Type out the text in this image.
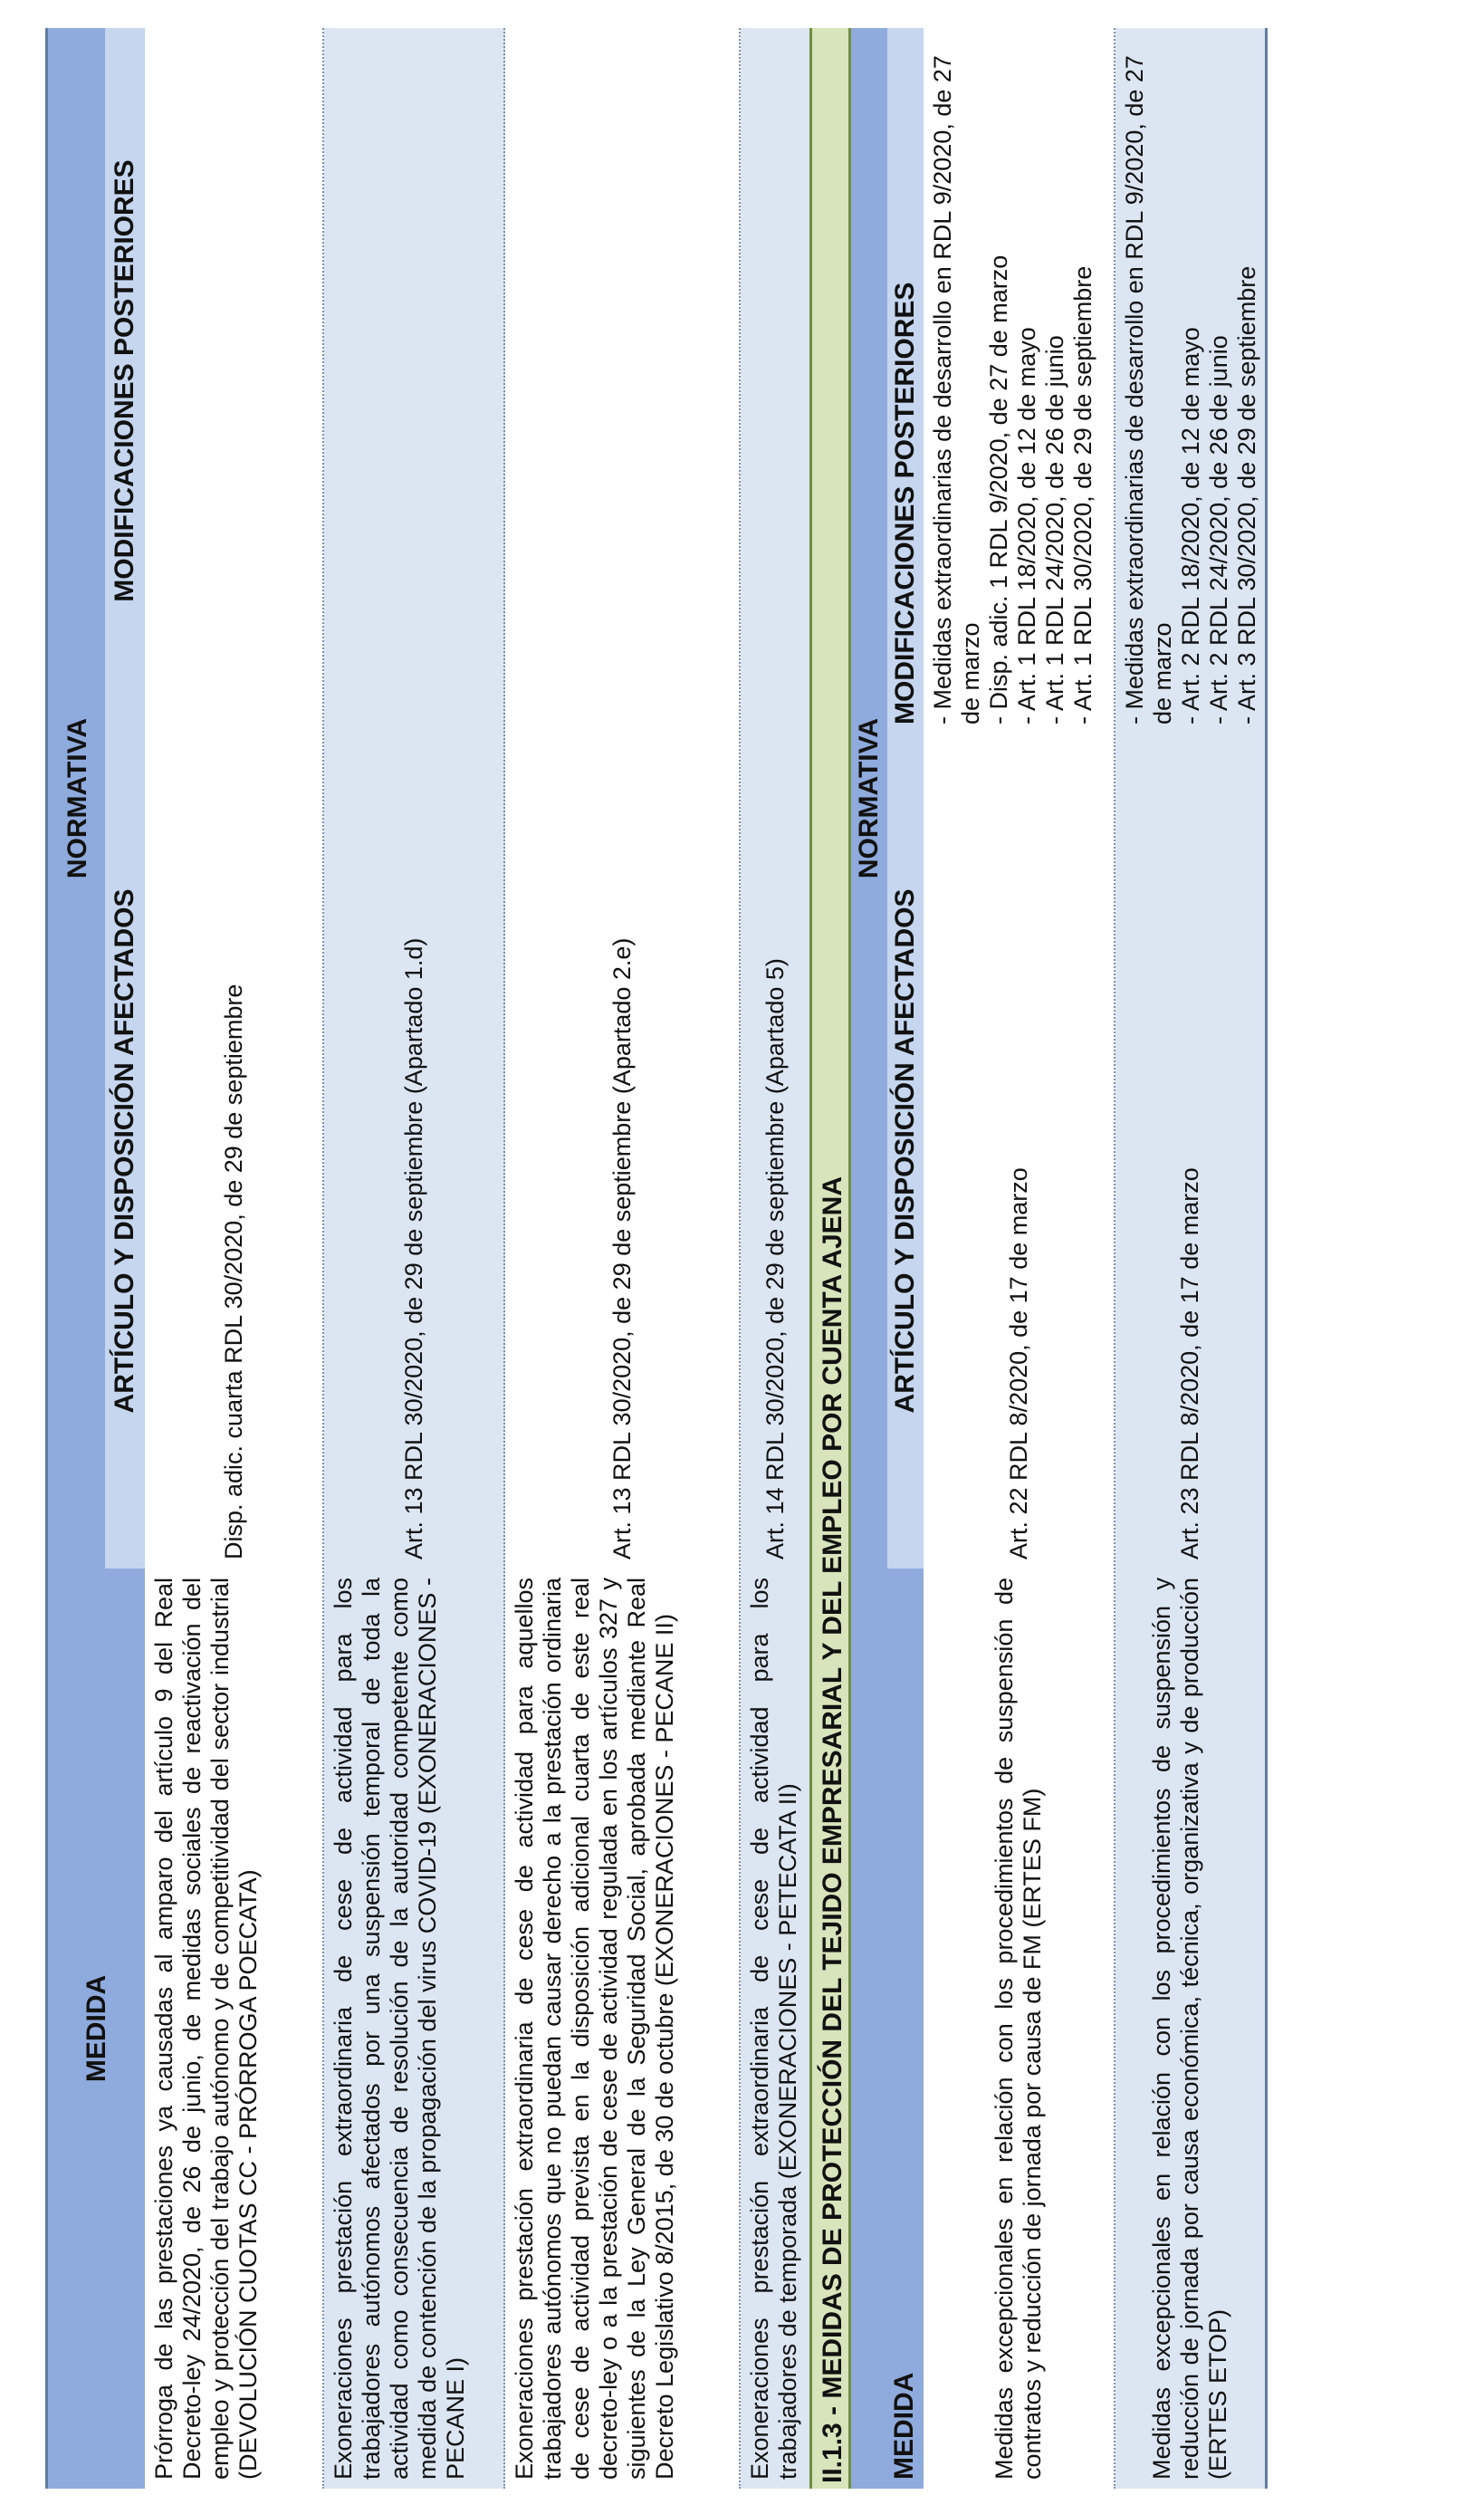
MEDIDA
NORMATIVA
ARTÍCULO Y DISPOSICIÓN AFECTADOS
MODIFICACIONES POSTERIORES
Prórroga de las prestaciones ya causadas al amparo del artículo 9 del Real Decreto-ley 24/2020, de 26 de junio, de medidas sociales de reactivación del empleo y protección del trabajo autónomo y de competitividad del sector industrial (DEVOLUCIÓN CUOTAS CC - PRÓRROGA POECATA)
Disp. adic. cuarta RDL 30/2020, de 29 de septiembre
Exoneraciones prestación extraordinaria de cese de actividad para los trabajadores autónomos afectados por una suspensión temporal de toda la actividad como consecuencia de resolución de la autoridad competente como medida de contención de la propagación del virus COVID-19 (EXONERACIONES - PECANE I)
Art. 13 RDL 30/2020, de 29 de septiembre (Apartado 1.d)
Exoneraciones prestación extraordinaria de cese de actividad para aquellos trabajadores autónomos que no puedan causar derecho a la prestación ordinaria de cese de actividad prevista en la disposición adicional cuarta de este real decreto-ley o a la prestación de cese de actividad regulada en los artículos 327 y siguientes de la Ley General de la Seguridad Social, aprobada mediante Real Decreto Legislativo 8/2015, de 30 de octubre (EXONERACIONES - PECANE II)
Art. 13 RDL 30/2020, de 29 de septiembre (Apartado 2.e)
Exoneraciones prestación extraordinaria de cese de actividad para los trabajadores de temporada (EXONERACIONES - PETECATA II)
Art. 14 RDL 30/2020, de 29 de septiembre (Apartado 5) II.1.3 - MEDIDAS DE PROTECCIÓN DEL TEJIDO EMPRESARIAL Y DEL EMPLEO POR CUENTA AJENA MEDIDA
NORMATIVA
ARTÍCULO Y DISPOSICIÓN AFECTADOS
MODIFICACIONES POSTERIORES
Medidas excepcionales en relación con los procedimientos de suspensión de contratos y reducción de jornada por causa de FM (ERTES FM)
Art. 22 RDL 8/2020, de 17 de marzo
- Medidas extraordinarias de desarrollo en RDL 9/2020, de 27 de marzo
- Disp. adic. 1 RDL 9/2020, de 27 de marzo
- Art. 1 RDL 18/2020, de 12 de mayo
- Art. 1 RDL 24/2020, de 26 de junio
- Art. 1 RDL 30/2020, de 29 de septiembre
Medidas excepcionales en relación con los procedimientos de suspensión y reducción de jornada por causa económica, técnica, organizativa y de producción (ERTES ETOP)
Art. 23 RDL 8/2020, de 17 de marzo
- Medidas extraordinarias de desarrollo en RDL 9/2020, de 27 de marzo
- Art. 2 RDL 18/2020, de 12 de mayo
- Art. 2 RDL 24/2020, de 26 de junio
- Art. 3 RDL 30/2020, de 29 de septiembre
